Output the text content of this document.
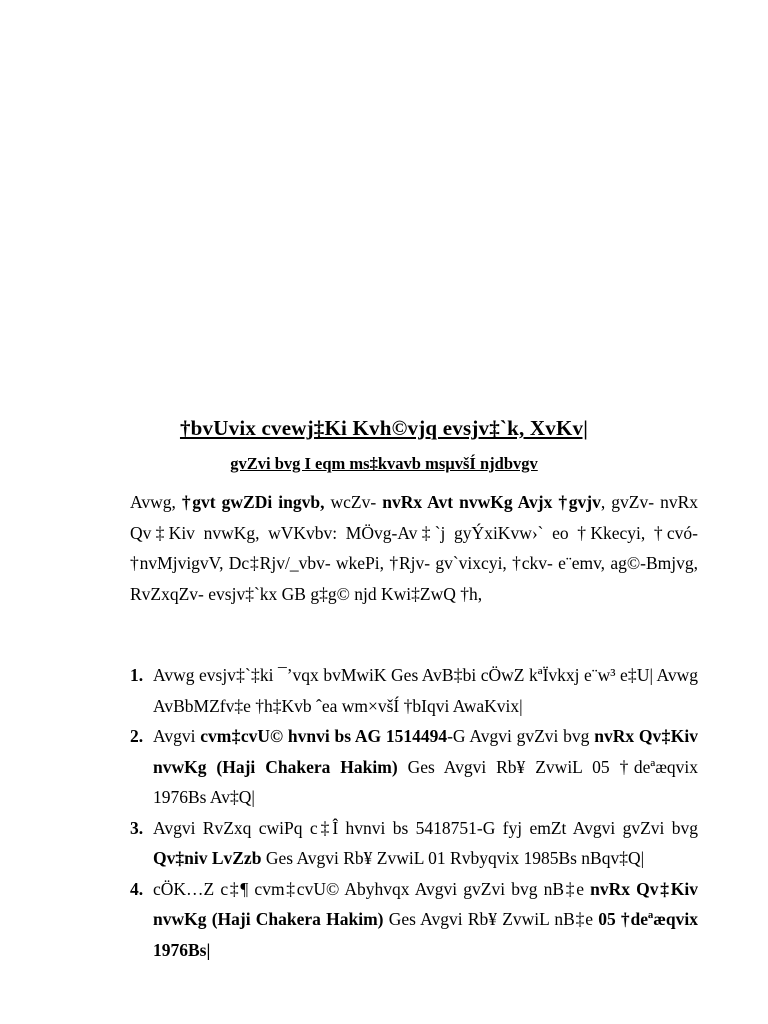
†bvUvix cvewj‡Ki Kvh©vjq evsjv‡`k, XvKv|
gvZvi bvg I eqm ms‡kvavb msµvšÍ njdbvgv

Avwg, †gvt gwZDi ingvb, wcZv- nvRx Avt nvwKg Avjx †gvjv, gvZv- nvRx Qv‡Kiv nvwKg, wVKvbv: MÖvg-Av‡`j gyÝxiKvw›` eo †Kkecyi, †cvó- †nvMjvigvV, Dc‡Rjv/_vbv- wkePi, †Rjv- gv`vixcyi, †ckv- e¨emv, ag©-Bmjvg, RvZxqZv- evsjv‡`kx GB g‡g© njd Kwi‡ZwQ †h,

1. Avwg evsjv‡`‡ki ¯’vqx bvMwiK Ges AvB‡bi cÖwZ kªÏvkxj e¨w³ e‡U| Avwg AvBbMZfv‡e †h‡Kvb ˆea wm×všÍ †bIqvi AwaKvix|
2. Avgvi cvm‡cvU© hvnvi bs AG 1514494-G Avgvi gvZvi bvg nvRx Qv‡Kiv nvwKg (Haji Chakera Hakim) Ges Avgvi Rb¥ ZvwiL 05 †deªæqvix 1976Bs Av‡Q|
3. Avgvi RvZxq cwiPq c‡Î hvnvi bs 5418751-G fyj emZt Avgvi gvZvi bvg Qv‡niv LvZzb Ges Avgvi Rb¥ ZvwiL 01 Rvbyqvix 1985Bs nBqv‡Q|
4. cÖK…Z c‡¶ cvm‡cvU© Abyhvqx Avgvi gvZvi bvg nB‡e nvRx Qv‡Kiv nvwKg (Haji Chakera Hakim) Ges Avgvi Rb¥ ZvwiL nB‡e 05 †deªæqvix 1976Bs|
